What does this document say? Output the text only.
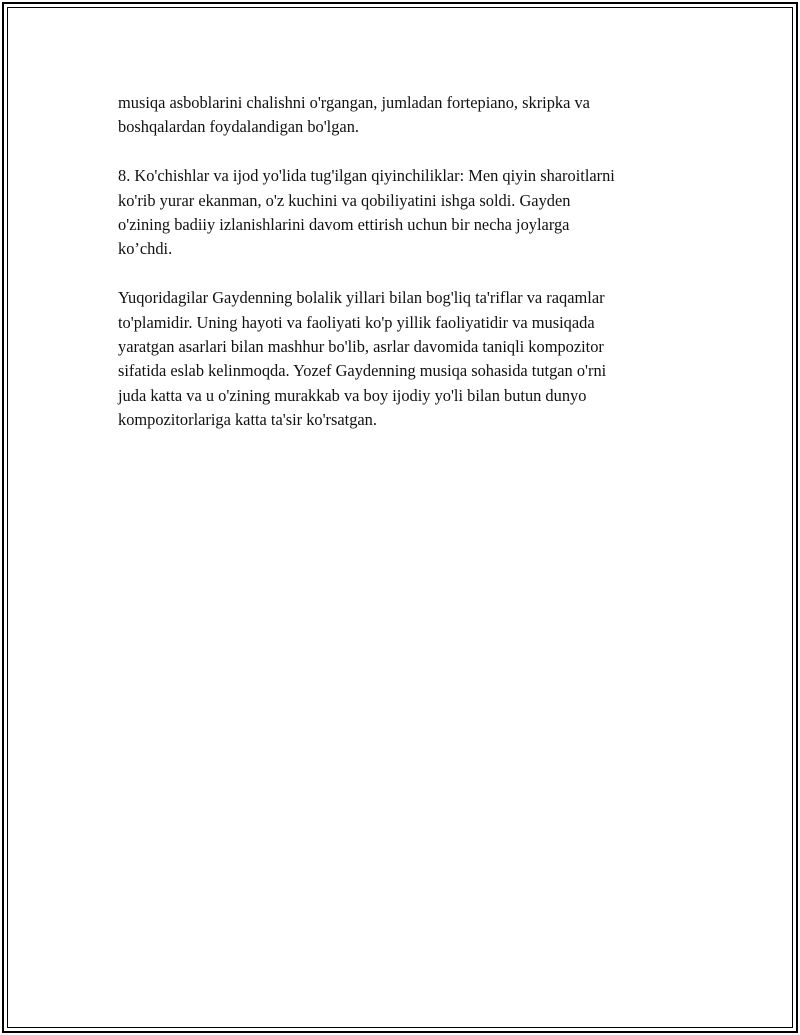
musiqa asboblarini chalishni o'rgangan, jumladan fortepiano, skripka va
boshqalardan foydalandigan bo'lgan.
8. Ko'chishlar va ijod yo'lida tug'ilgan qiyinchiliklar: Men qiyin sharoitlarni
ko'rib yurar ekanman, o'z kuchini va qobiliyatini ishga soldi. Gayden
o'zining badiiy izlanishlarini davom ettirish uchun bir necha joylarga
ko’chdi.
Yuqoridagilar Gaydenning bolalik yillari bilan bog'liq ta'riflar va raqamlar
to'plamidir. Uning hayoti va faoliyati ko'p yillik faoliyatidir va musiqada
yaratgan asarlari bilan mashhur bo'lib, asrlar davomida taniqli kompozitor
sifatida eslab kelinmoqda. Yozef Gaydenning musiqa sohasida tutgan o'rni
juda katta va u o'zining murakkab va boy ijodiy yo'li bilan butun dunyo
kompozitorlariga katta ta'sir ko'rsatgan.
